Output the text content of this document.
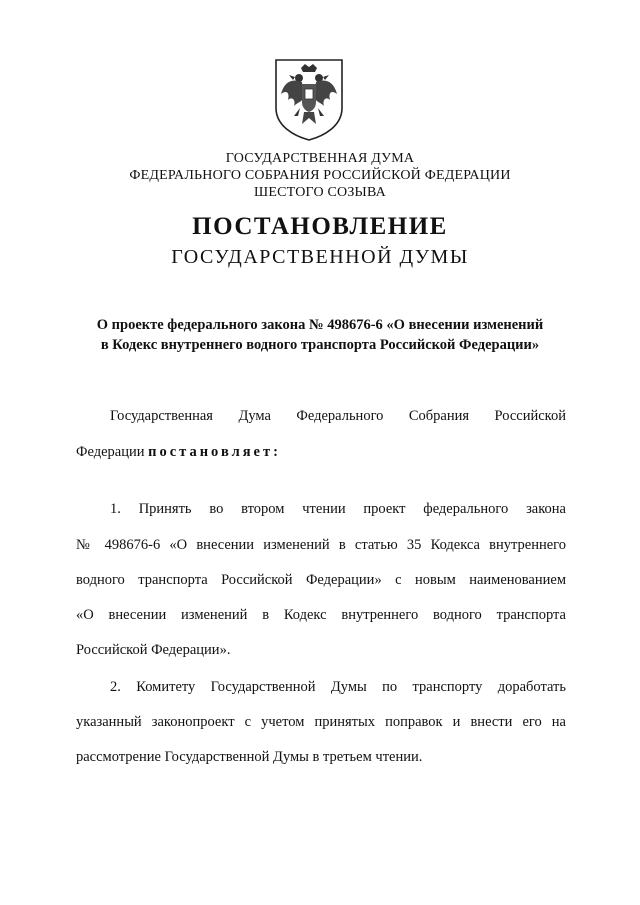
ГОСУДАРСТВЕННАЯ ДУМА
ФЕДЕРАЛЬНОГО СОБРАНИЯ РОССИЙСКОЙ ФЕДЕРАЦИИ
ШЕСТОГО СОЗЫВА
ПОСТАНОВЛЕНИЕ
ГОСУДАРСТВЕННОЙ ДУМЫ
О проекте федерального закона № 498676-6 «О внесении изменений
в Кодекс внутреннего водного транспорта Российской Федерации»
Государственная Дума Федерального Собрания Российской
Федерации постановляет:
1. Принять во втором чтении проект федерального закона
№ 498676-6 «О внесении изменений в статью 35 Кодекса внутреннего
водного транспорта Российской Федерации» с новым наименованием
«О внесении изменений в Кодекс внутреннего водного транспорта
Российской Федерации».
2. Комитету Государственной Думы по транспорту доработать
указанный законопроект с учетом принятых поправок и внести его на
рассмотрение Государственной Думы в третьем чтении.
